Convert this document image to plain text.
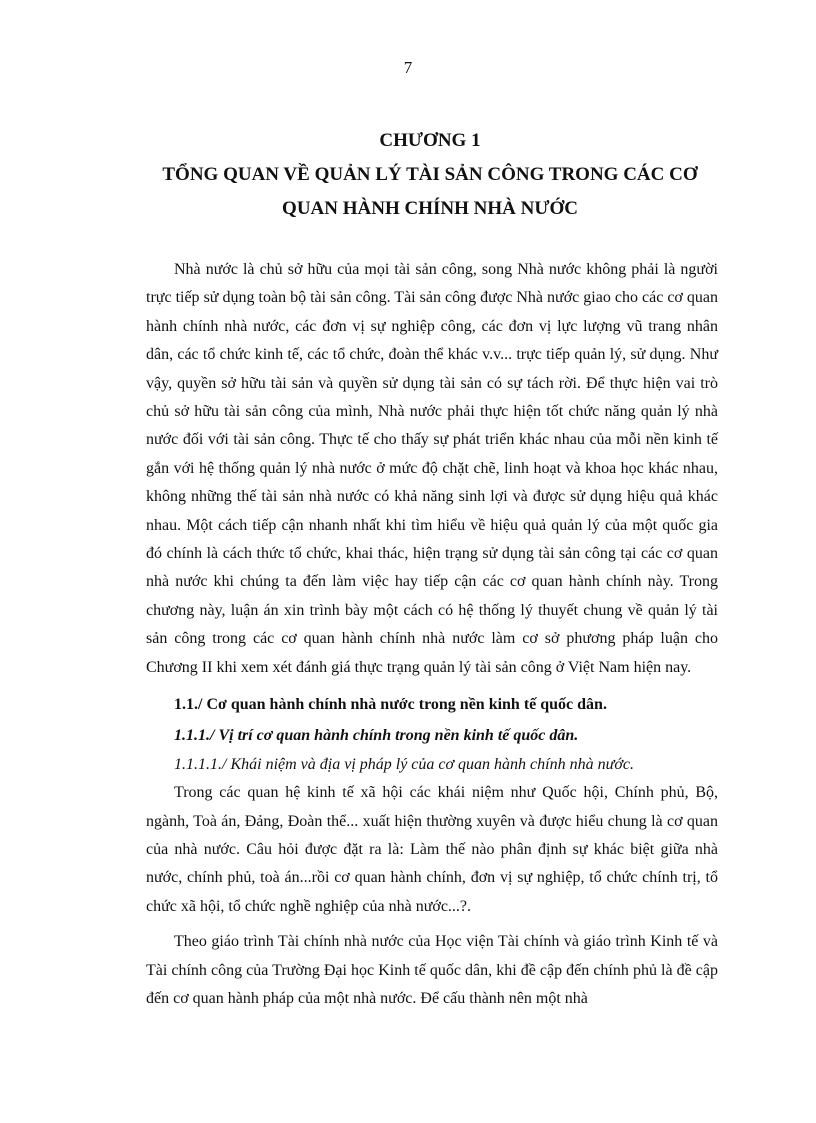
7
CHƯƠNG 1
TỔNG QUAN VỀ QUẢN LÝ TÀI SẢN CÔNG TRONG CÁC CƠ
QUAN HÀNH CHÍNH NHÀ NƯỚC

Nhà nước là chủ sở hữu của mọi tài sản công, song Nhà nước không phải là người trực tiếp sử dụng toàn bộ tài sản công. Tài sản công được Nhà nước giao cho các cơ quan hành chính nhà nước, các đơn vị sự nghiệp công, các đơn vị lực lượng vũ trang nhân dân, các tổ chức kinh tế, các tổ chức, đoàn thể khác v.v... trực tiếp quản lý, sử dụng. Như vậy, quyền sở hữu tài sản và quyền sử dụng tài sản có sự tách rời. Để thực hiện vai trò chủ sở hữu tài sản công của mình, Nhà nước phải thực hiện tốt chức năng quản lý nhà nước đối với tài sản công. Thực tế cho thấy sự phát triển khác nhau của mỗi nền kinh tế gắn với hệ thống quản lý nhà nước ở mức độ chặt chẽ, linh hoạt và khoa học khác nhau, không những thế tài sản nhà nước có khả năng sinh lợi và được sử dụng hiệu quả khác nhau. Một cách tiếp cận nhanh nhất khi tìm hiểu về hiệu quả quản lý của một quốc gia đó chính là cách thức tổ chức, khai thác, hiện trạng sử dụng tài sản công tại các cơ quan nhà nước khi chúng ta đến làm việc hay tiếp cận các cơ quan hành chính này. Trong chương này, luận án xin trình bày một cách có hệ thống lý thuyết chung về quản lý tài sản công trong các cơ quan hành chính nhà nước làm cơ sở phương pháp luận cho Chương II khi xem xét đánh giá thực trạng quản lý tài sản công ở Việt Nam hiện nay.

1.1./ Cơ quan hành chính nhà nước trong nền kinh tế quốc dân.
1.1.1./ Vị trí cơ quan hành chính trong nền kinh tế quốc dân.
1.1.1.1./ Khái niệm và địa vị pháp lý của cơ quan hành chính nhà nước.

Trong các quan hệ kinh tế xã hội các khái niệm như Quốc hội, Chính phủ, Bộ, ngành, Toà án, Đảng, Đoàn thể... xuất hiện thường xuyên và được hiểu chung là cơ quan của nhà nước. Câu hỏi được đặt ra là: Làm thế nào phân định sự khác biệt giữa nhà nước, chính phủ, toà án...rồi cơ quan hành chính, đơn vị sự nghiệp, tổ chức chính trị, tổ chức xã hội, tổ chức nghề nghiệp của nhà nước...?.

Theo giáo trình Tài chính nhà nước của Học viện Tài chính và giáo trình Kinh tế và Tài chính công của Trường Đại học Kinh tế quốc dân, khi đề cập đến chính phủ là đề cập đến cơ quan hành pháp của một nhà nước. Để cấu thành nên một nhà
